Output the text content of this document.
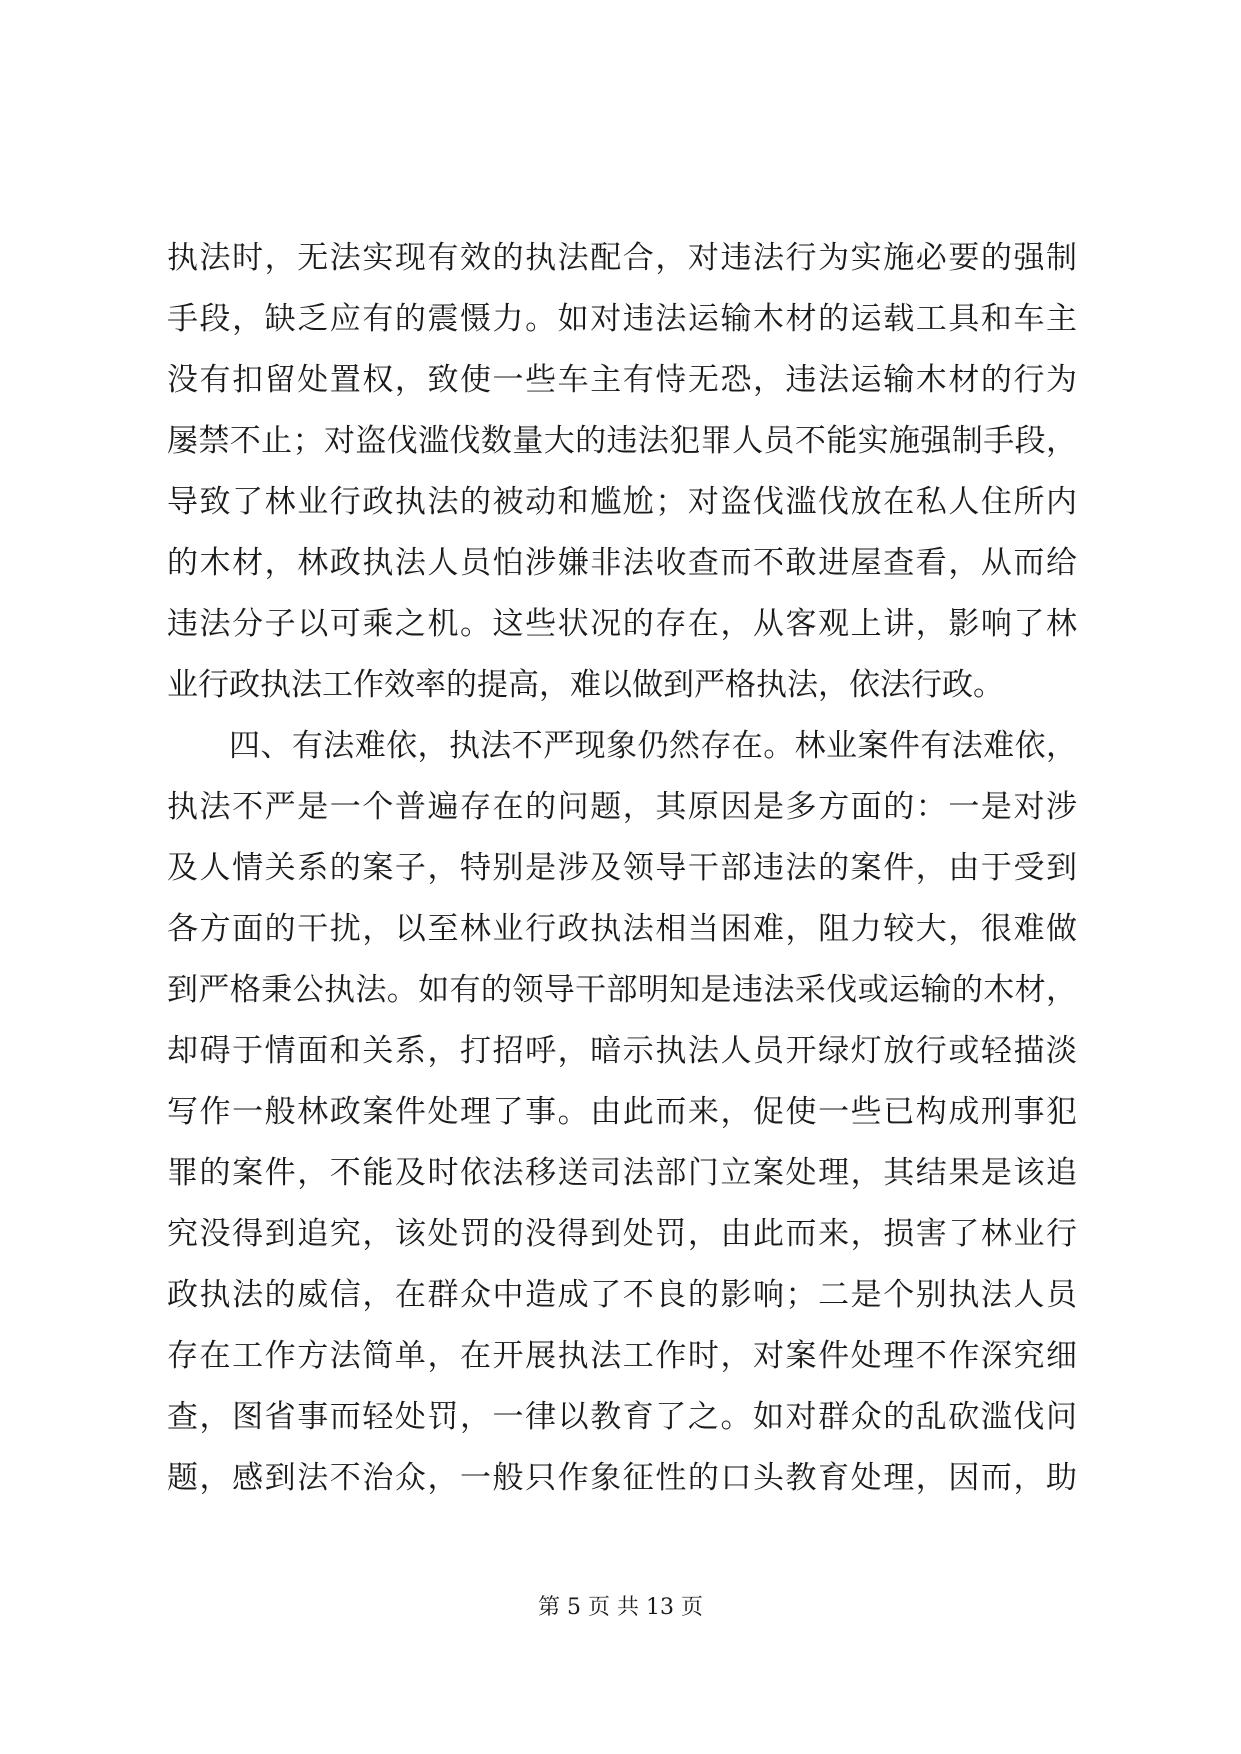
执法时，无法实现有效的执法配合，对违法行为实施必要的强制
手段，缺乏应有的震慑力。如对违法运输木材的运载工具和车主
没有扣留处置权，致使一些车主有恃无恐，违法运输木材的行为
屡禁不止；对盗伐滥伐数量大的违法犯罪人员不能实施强制手段，
导致了林业行政执法的被动和尴尬；对盗伐滥伐放在私人住所内
的木材，林政执法人员怕涉嫌非法收查而不敢进屋查看，从而给
违法分子以可乘之机。这些状况的存在，从客观上讲，影响了林
业行政执法工作效率的提高，难以做到严格执法，依法行政。
四、有法难依，执法不严现象仍然存在。林业案件有法难依，
执法不严是一个普遍存在的问题，其原因是多方面的：一是对涉
及人情关系的案子，特别是涉及领导干部违法的案件，由于受到
各方面的干扰，以至林业行政执法相当困难，阻力较大，很难做
到严格秉公执法。如有的领导干部明知是违法采伐或运输的木材，
却碍于情面和关系，打招呼，暗示执法人员开绿灯放行或轻描淡
写作一般林政案件处理了事。由此而来，促使一些已构成刑事犯
罪的案件，不能及时依法移送司法部门立案处理，其结果是该追
究没得到追究，该处罚的没得到处罚，由此而来，损害了林业行
政执法的威信，在群众中造成了不良的影响；二是个别执法人员
存在工作方法简单，在开展执法工作时，对案件处理不作深究细
查，图省事而轻处罚，一律以教育了之。如对群众的乱砍滥伐问
题，感到法不治众，一般只作象征性的口头教育处理，因而，助
第 5 页 共 13 页
